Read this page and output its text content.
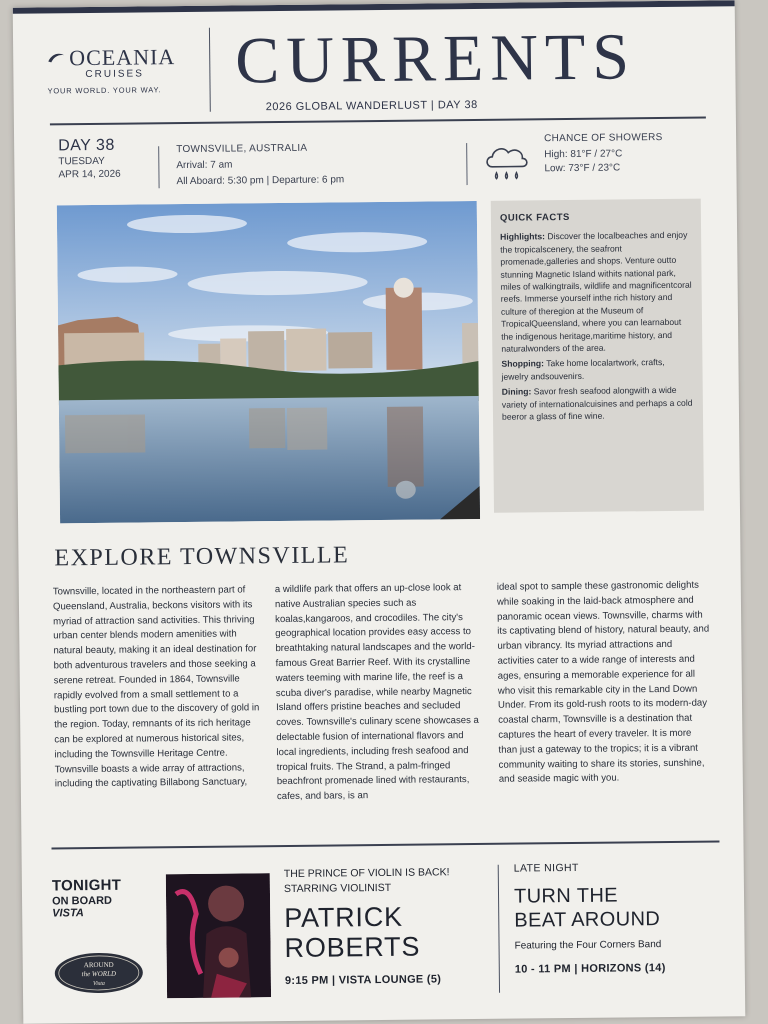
OCEANIA
CRUISES
YOUR WORLD. YOUR WAY.	CURRENTS
2026 GLOBAL WANDERLUST | DAY 38
DAY 38
TUESDAY
APR 14, 2026
TOWNSVILLE, AUSTRALIA
Arrival: 7 am
All Aboard: 5:30 pm | Departure: 6 pm
CHANCE OF SHOWERS
High: 81°F / 27°C
Low: 73°F / 23°C
QUICK FACTS

Highlights: Discover the localbeaches and enjoy the tropicalscenery, the seafront promenade,galleries and shops. Venture outto stunning Magnetic Island withits national park, miles of walkingtrails, wildlife and magnificentcoral reefs. Immerse yourself inthe rich history and culture of theregion at the Museum of TropicalQueensland, where you can learnabout the indigenous heritage,maritime history, and naturalwonders of the area.

Shopping: Take home localartwork, crafts, jewelry andsouvenirs.

Dining: Savor fresh seafood alongwith a wide variety of internationalcuisines and perhaps a cold beeror a glass of fine wine.

EXPLORE TOWNSVILLE
Townsville, located in the northeastern part of Queensland, Australia, beckons visitors with its myriad of attraction sand activities. This thriving urban center blends modern amenities with natural beauty, making it an ideal destination for both adventurous travelers and those seeking a serene retreat. Founded in 1864, Townsville rapidly evolved from a small settlement to a bustling port town due to the discovery of gold in the region. Today, remnants of its rich heritage can be explored at numerous historical sites, including the Townsville Heritage Centre. Townsville boasts a wide array of attractions, including the captivating Billabong Sanctuary,
a wildlife park that offers an up-close look at native Australian species such as koalas,kangaroos, and crocodiles. The city's geographical location provides easy access to breathtaking natural landscapes and the world-famous Great Barrier Reef. With its crystalline waters teeming with marine life, the reef is a scuba diver's paradise, while nearby Magnetic Island offers pristine beaches and secluded coves. Townsville's culinary scene showcases a delectable fusion of international flavors and local ingredients, including fresh seafood and tropical fruits. The Strand, a palm-fringed beachfront promenade lined with restaurants, cafes, and bars, is an
ideal spot to sample these gastronomic delights while soaking in the laid-back atmosphere and panoramic ocean views. Townsville, charms with its captivating blend of history, natural beauty, and urban vibrancy. Its myriad attractions and activities cater to a wide range of interests and ages, ensuring a memorable experience for all who visit this remarkable city in the Land Down Under. From its gold-rush roots to its modern-day coastal charm, Townsville is a destination that captures the heart of every traveler. It is more than just a gateway to the tropics; it is a vibrant community waiting to share its stories, sunshine, and seaside magic with you.
TONIGHT
ON BOARD
VISTA
AROUND
the WORLD
Vista
THE PRINCE OF VIOLIN IS BACK!
STARRING VIOLINIST
PATRICK
ROBERTS
9:15 PM | VISTA LOUNGE (5)
LATE NIGHT
TURN THE
BEAT AROUND
Featuring the Four Corners Band
10 - 11 PM | HORIZONS (14)
